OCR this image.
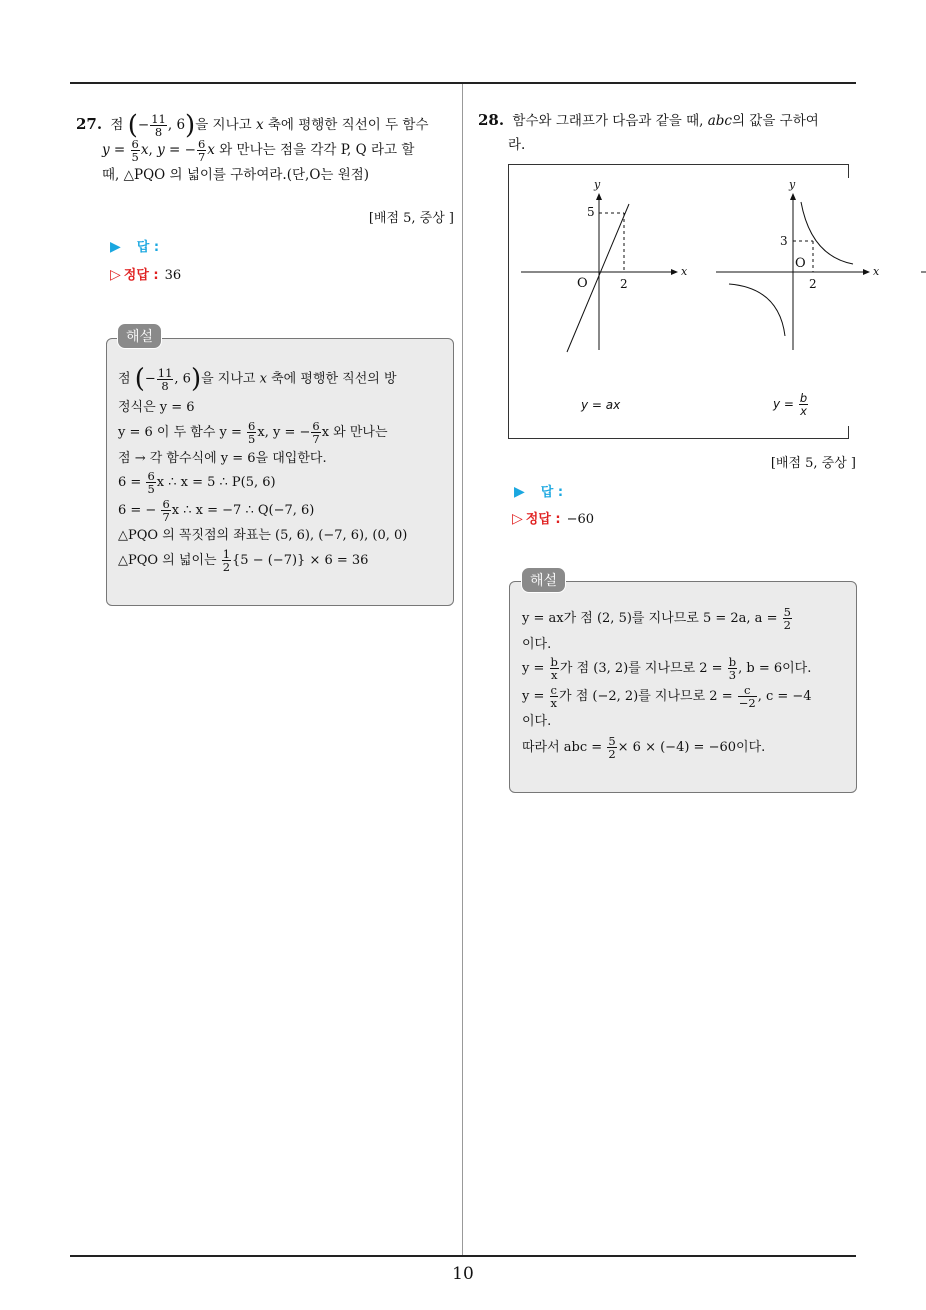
10
27. 점 (− $\frac{11}{8}$ , 6)을 지나고 x 축에 평행한 직선이 두 함수
$y = \frac{6}{5} x$, y = − $\frac{6}{7}$ x 와 만나는 점을 각각 P, Q 라고 할
때, △PQO 의 넓이를 구하여라.(단,O는 원점)
[배점 5, 중상 ]
▶ 답 :
▷ 정답 : 36
해설
점 (− $\frac{11}{8}$ , 6)을 지나고 x 축에 평행한 직선의 방
정식은 y = 6
y = 6 이 두 함수 $y = \frac{6}{5} x$, y = − $\frac{6}{7}$ x 와 만나는
점 → 각 함수식에 y = 6을 대입한다.
$6 = \frac{6}{5}$ x ∴ x = 5 ∴ P(5, 6)
6 = − $\frac{6}{7}$ x ∴ x = −7 ∴ Q(−7, 6)
△PQO 의 꼭짓점의 좌표는 (5, 6), (−7, 6), (0, 0)
△PQO 의 넓이는 $\frac{1}{2} \{5 - (-7)\} \times 6 = 36$
28. 함수와 그래프가 다음과 같을 때, abc의 값을 구하여
라.
y
x
O	2
5
y = ax
y
x
O
2
3
$y = \frac{b}{x}$
[배점 5, 중상 ]
▶ 답 :
▷ 정답 : −60
해설
y = ax가 점 (2, 5)를 지나므로 5 = 2a, $a = \frac{5}{2}$
이다.
$y = \frac{b}{x}$ 가 점 (3, 2)를 지나므로 $2 = \frac{b}{3}$ , b = 6이다.
$y = \frac{c}{x}$ 가 점 (−2, 2)를 지나므로 $2 = \frac{c}{-2}$ , c = −4
이다.
따라서 abc = $\frac{5}{2} \times 6 \times (-4) = -60$이다.
